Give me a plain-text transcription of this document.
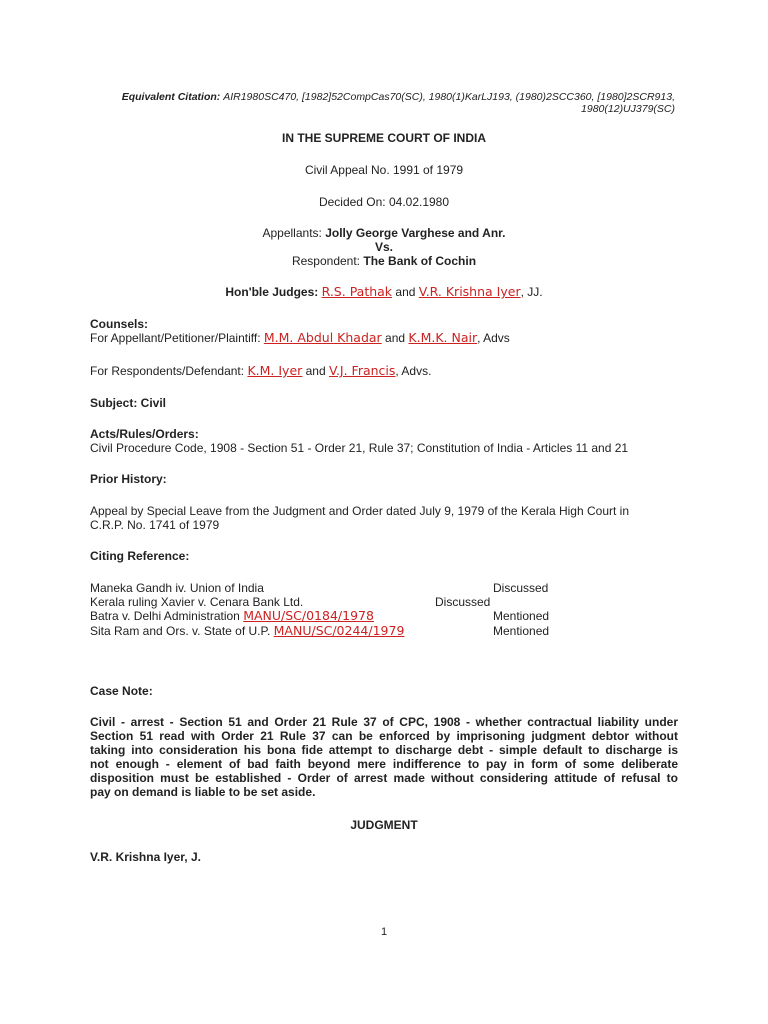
Equivalent Citation: AIR1980SC470, [1982]52CompCas70(SC), 1980(1)KarLJ193, (1980)2SCC360, [1980]2SCR913,
1980(12)UJ379(SC)
IN THE SUPREME COURT OF INDIA
Civil Appeal No. 1991 of 1979
Decided On: 04.02.1980
Appellants: Jolly George Varghese and Anr.
Vs.
Respondent: The Bank of Cochin
Hon'ble Judges: R.S. Pathak and V.R. Krishna Iyer, JJ.
Counsels:
For Appellant/Petitioner/Plaintiff: M.M. Abdul Khadar and K.M.K. Nair, Advs
For Respondents/Defendant: K.M. Iyer and V.J. Francis, Advs.
Subject: Civil
Acts/Rules/Orders:
Civil Procedure Code, 1908 - Section 51 - Order 21, Rule 37; Constitution of India - Articles 11 and 21
Prior History:
Appeal by Special Leave from the Judgment and Order dated July 9, 1979 of the Kerala High Court in
C.R.P. No. 1741 of 1979
Citing Reference:
Maneka Gandh iv. Union of India	Discussed
Kerala ruling Xavier v. Cenara Bank Ltd.	Discussed
Batra v. Delhi Administration MANU/SC/0184/1978	Mentioned
Sita Ram and Ors. v. State of U.P. MANU/SC/0244/1979	Mentioned
Case Note:
Civil - arrest - Section 51 and Order 21 Rule 37 of CPC, 1908 - whether contractual liability under
Section 51 read with Order 21 Rule 37 can be enforced by imprisoning judgment debtor without
taking into consideration his bona fide attempt to discharge debt - simple default to discharge is
not enough - element of bad faith beyond mere indifference to pay in form of some deliberate
disposition must be established - Order of arrest made without considering attitude of refusal to
pay on demand is liable to be set aside.
JUDGMENT
V.R. Krishna Iyer, J.
1
